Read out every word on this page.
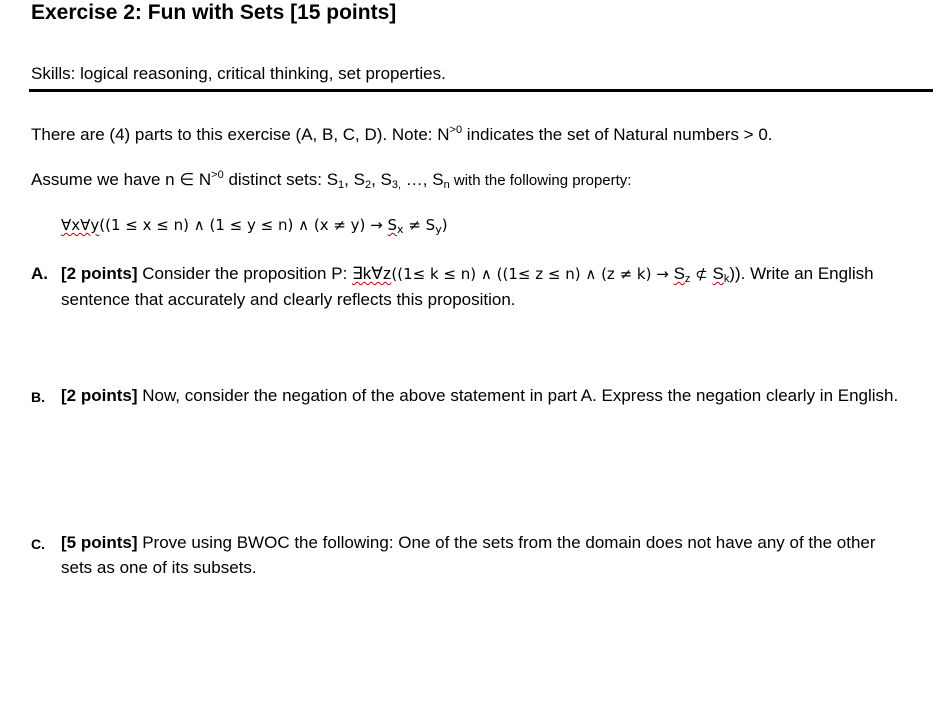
Exercise 2: Fun with Sets [15 points]
Skills: logical reasoning, critical thinking, set properties.
There are (4) parts to this exercise (A, B, C, D). Note: $N^{>0}$ indicates the set of Natural numbers > 0.
Assume we have n ∈ $N^{>0}$ distinct sets: $S_1$, $S_2$, $S_{3,}$ …, $S_n$ with the following property:
∀x∀y((1 ≤ x ≤ n) ∧ (1 ≤ y ≤ n) ∧ $(x \ne y) \to S_x \ne S_y$)
A. [2 points] Consider the proposition P: ∃k∀z((1≤ k ≤ n) ∧ ((1≤ z ≤ n) ∧ $(z \ne k) \to S_z$ ⊄ $S_k$)). Write an English sentence that accurately and clearly reflects this proposition.
B. [2 points] Now, consider the negation of the above statement in part A. Express the negation clearly in English.
C. [5 points] Prove using BWOC the following: One of the sets from the domain does not have any of the other sets as one of its subsets.
